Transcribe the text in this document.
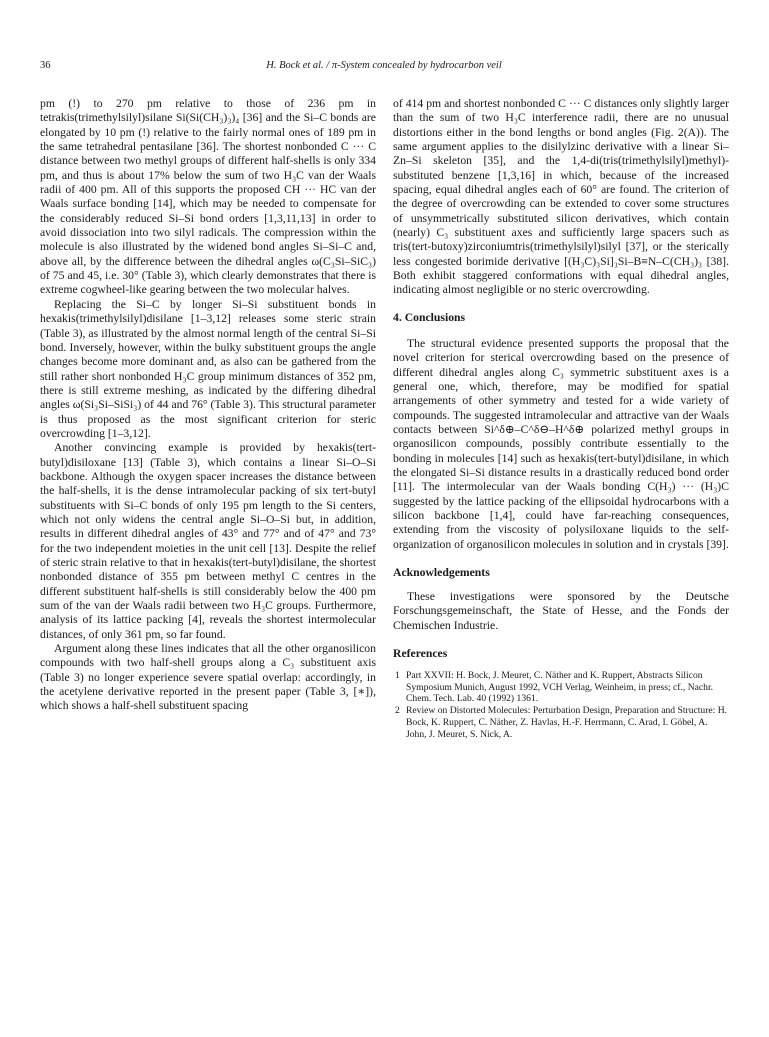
36	H. Bock et al. / π-System concealed by hydrocarbon veil

pm (!) to 270 pm relative to those of 236 pm in tetrakis(trimethylsilyl)silane Si(Si(CH₃)₃)₄ [36] and the Si–C bonds are elongated by 10 pm (!) relative to the fairly normal ones of 189 pm in the same tetrahedral pentasilane [36]. The shortest nonbonded C ··· C distance between two methyl groups of different half-shells is only 334 pm, and thus is about 17% below the sum of two H₃C van der Waals radii of 400 pm. All of this supports the proposed CH ··· HC van der Waals surface bonding [14], which may be needed to compensate for the considerably reduced Si–Si bond orders [1,3,11,13] in order to avoid dissociation into two silyl radicals. The compression within the molecule is also illustrated by the widened bond angles Si–Si–C and, above all, by the difference between the dihedral angles ω(C₃Si–SiC₃) of 75 and 45, i.e. 30° (Table 3), which clearly demonstrates that there is extreme cogwheel-like gearing between the two molecular halves.

Replacing the Si–C by longer Si–Si substituent bonds in hexakis(trimethylsilyl)disilane [1–3,12] releases some steric strain (Table 3), as illustrated by the almost normal length of the central Si–Si bond. Inversely, however, within the bulky substituent groups the angle changes become more dominant and, as also can be gathered from the still rather short nonbonded H₃C group minimum distances of 352 pm, there is still extreme meshing, as indicated by the differing dihedral angles ω(Si₃Si–SiSi₃) of 44 and 76° (Table 3). This structural parameter is thus proposed as the most significant criterion for steric overcrowding [1–3,12].

Another convincing example is provided by hexakis(tert-butyl)disiloxane [13] (Table 3), which contains a linear Si–O–Si backbone. Although the oxygen spacer increases the distance between the half-shells, it is the dense intramolecular packing of six tert-butyl substituents with Si–C bonds of only 195 pm length to the Si centers, which not only widens the central angle Si–O–Si but, in addition, results in different dihedral angles of 43° and 77° and of 47° and 73° for the two independent moieties in the unit cell [13]. Despite the relief of steric strain relative to that in hexakis(tert-butyl)disilane, the shortest nonbonded distance of 355 pm between methyl C centres in the different substituent half-shells is still considerably below the 400 pm sum of the van der Waals radii between two H₃C groups. Furthermore, analysis of its lattice packing [4], reveals the shortest intermolecular distances, of only 361 pm, so far found.

Argument along these lines indicates that all the other organosilicon compounds with two half-shell groups along a C₃ substituent axis (Table 3) no longer experience severe spatial overlap: accordingly, in the acetylene derivative reported in the present paper (Table 3, [∗]), which shows a half-shell substituent spacing

of 414 pm and shortest nonbonded C ··· C distances only slightly larger than the sum of two H₃C interference radii, there are no unusual distortions either in the bond lengths or bond angles (Fig. 2(A)). The same argument applies to the disilylzinc derivative with a linear Si–Zn–Si skeleton [35], and the 1,4-di(tris(trimethylsilyl)methyl)-substituted benzene [1,3,16] in which, because of the increased spacing, equal dihedral angles each of 60° are found. The criterion of the degree of overcrowding can be extended to cover some structures of unsymmetrically substituted silicon derivatives, which contain (nearly) C₃ substituent axes and sufficiently large spacers such as tris(tert-butoxy)zirconiumtris(trimethylsilyl)silyl [37], or the sterically less congested borimide derivative [(H₃C)₃Si]₃Si–B≡N–C(CH₃)₃ [38]. Both exhibit staggered conformations with equal dihedral angles, indicating almost negligible or no steric overcrowding.

4. Conclusions

The structural evidence presented supports the proposal that the novel criterion for sterical overcrowding based on the presence of different dihedral angles along C₃ symmetric substituent axes is a general one, which, therefore, may be modified for spatial arrangements of other symmetry and tested for a wide variety of compounds. The suggested intramolecular and attractive van der Waals contacts between Si^δ⊕–C^δ⊖–H^δ⊕ polarized methyl groups in organosilicon compounds, possibly contribute essentially to the bonding in molecules [14] such as hexakis(tert-butyl)disilane, in which the elongated Si–Si distance results in a drastically reduced bond order [11]. The intermolecular van der Waals bonding C(H₃) ··· (H₃)C suggested by the lattice packing of the ellipsoidal hydrocarbons with a silicon backbone [1,4], could have far-reaching consequences, extending from the viscosity of polysiloxane liquids to the self-organization of organosilicon molecules in solution and in crystals [39].

Acknowledgements

These investigations were sponsored by the Deutsche Forschungsgemeinschaft, the State of Hesse, and the Fonds der Chemischen Industrie.

References
1 Part XXVII: H. Bock, J. Meuret, C. Näther and K. Ruppert, Abstracts Silicon Symposium Munich, August 1992, VCH Verlag, Weinheim, in press; cf., Nachr. Chem. Tech. Lab. 40 (1992) 1361.
2 Review on Distorted Molecules: Perturbation Design, Preparation and Structure: H. Bock, K. Ruppert, C. Näther, Z. Havlas, H.-F. Herrmann, C. Arad, I. Göbel, A. John, J. Meuret, S. Nick, A.
